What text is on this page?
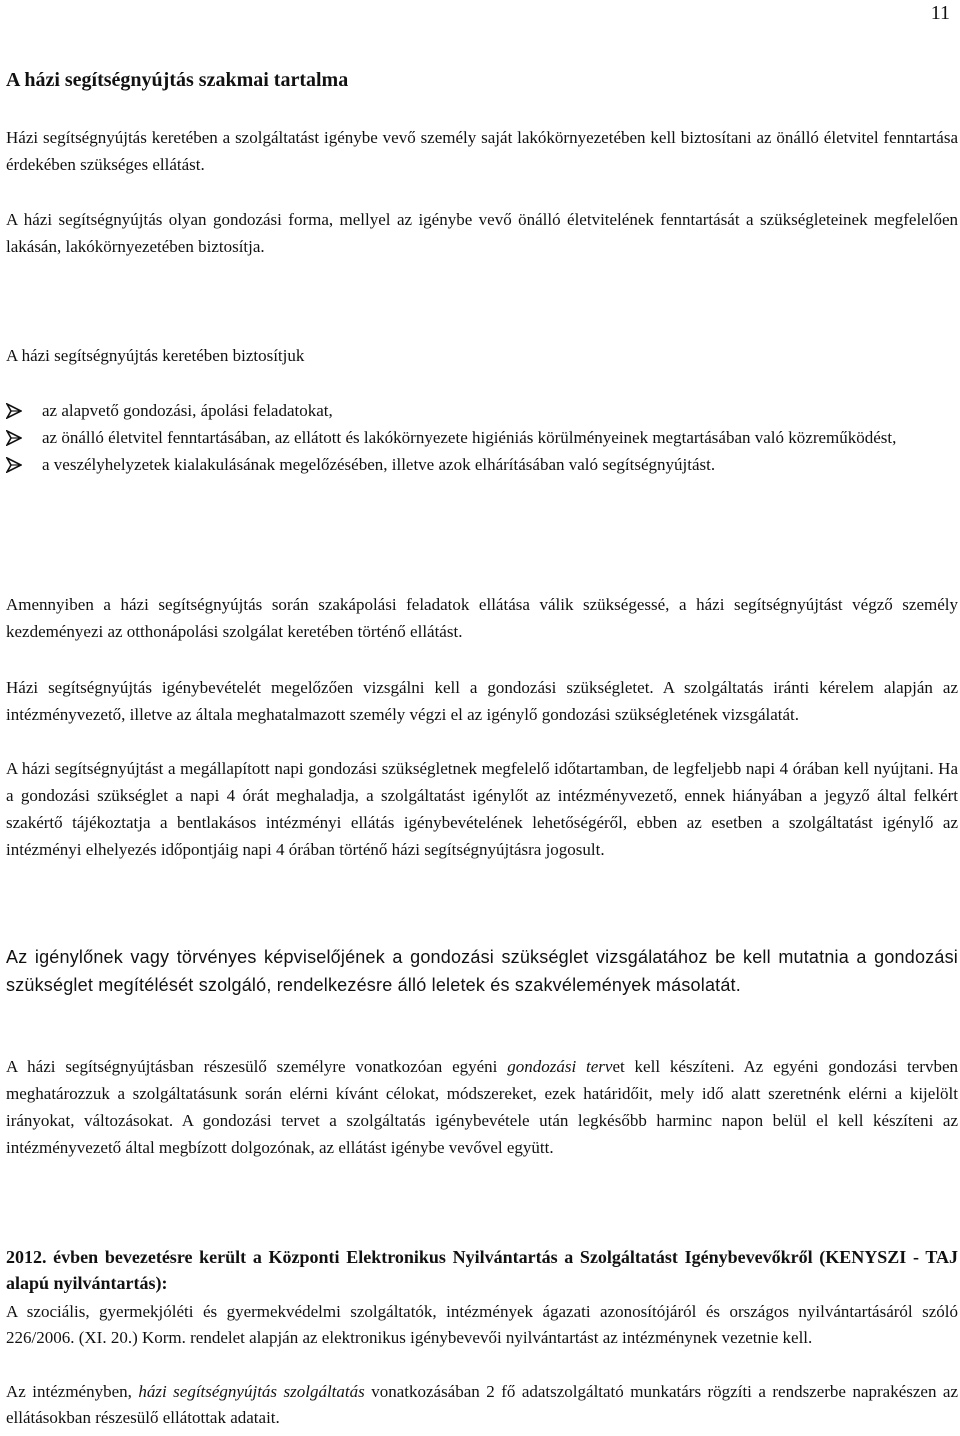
11
A házi segítségnyújtás szakmai tartalma
Házi segítségnyújtás keretében a szolgáltatást igénybe vevő személy saját lakókörnyezetében kell biztosítani az önálló életvitel fenntartása érdekében szükséges ellátást.
A házi segítségnyújtás olyan gondozási forma, mellyel az igénybe vevő önálló életvitelének fenntartását a szükségleteinek megfelelően lakásán, lakókörnyezetében biztosítja.
A házi segítségnyújtás keretében biztosítjuk
az alapvető gondozási, ápolási feladatokat,
az önálló életvitel fenntartásában, az ellátott és lakókörnyezete higiéniás körülményeinek megtartásában való közreműködést,
a veszélyhelyzetek kialakulásának megelőzésében, illetve azok elhárításában való segítségnyújtást.
Amennyiben a házi segítségnyújtás során szakápolási feladatok ellátása válik szükségessé, a házi segítségnyújtást végző személy kezdeményezi az otthonápolási szolgálat keretében történő ellátást.
Házi segítségnyújtás igénybevételét megelőzően vizsgálni kell a gondozási szükségletet. A szolgáltatás iránti kérelem alapján az intézményvezető, illetve az általa meghatalmazott személy végzi el az igénylő gondozási szükségletének vizsgálatát.
A házi segítségnyújtást a megállapított napi gondozási szükségletnek megfelelő időtartamban, de legfeljebb napi 4 órában kell nyújtani. Ha a gondozási szükséglet a napi 4 órát meghaladja, a szolgáltatást igénylőt az intézményvezető, ennek hiányában a jegyző által felkért szakértő tájékoztatja a bentlakásos intézményi ellátás igénybevételének lehetőségéről, ebben az esetben a szolgáltatást igénylő az intézményi elhelyezés időpontjáig napi 4 órában történő házi segítségnyújtásra jogosult.
Az igénylőnek vagy törvényes képviselőjének a gondozási szükséglet vizsgálatához be kell mutatnia a gondozási szükséglet megítélését szolgáló, rendelkezésre álló leletek és szakvélemények másolatát.
A házi segítségnyújtásban részesülő személyre vonatkozóan egyéni gondozási tervet kell készíteni. Az egyéni gondozási tervben meghatározzuk a szolgáltatásunk során elérni kívánt célokat, módszereket, ezek határidőit, mely idő alatt szeretnénk elérni a kijelölt irányokat, változásokat. A gondozási tervet a szolgáltatás igénybevétele után legkésőbb harminc napon belül el kell készíteni az intézményvezető által megbízott dolgozónak, az ellátást igénybe vevővel együtt.
2012. évben bevezetésre került a Központi Elektronikus Nyilvántartás a Szolgáltatást Igénybevevőkről (KENYSZI - TAJ alapú nyilvántartás):
A szociális, gyermekjóléti és gyermekvédelmi szolgáltatók, intézmények ágazati azonosítójáról és országos nyilvántartásáról szóló 226/2006. (XI. 20.) Korm. rendelet alapján az elektronikus igénybevevői nyilvántartást az intézménynek vezetnie kell.
Az intézményben, házi segítségnyújtás szolgáltatás vonatkozásában 2 fő adatszolgáltató munkatárs rögzíti a rendszerbe naprakészen az ellátásokban részesülő ellátottak adatait.
